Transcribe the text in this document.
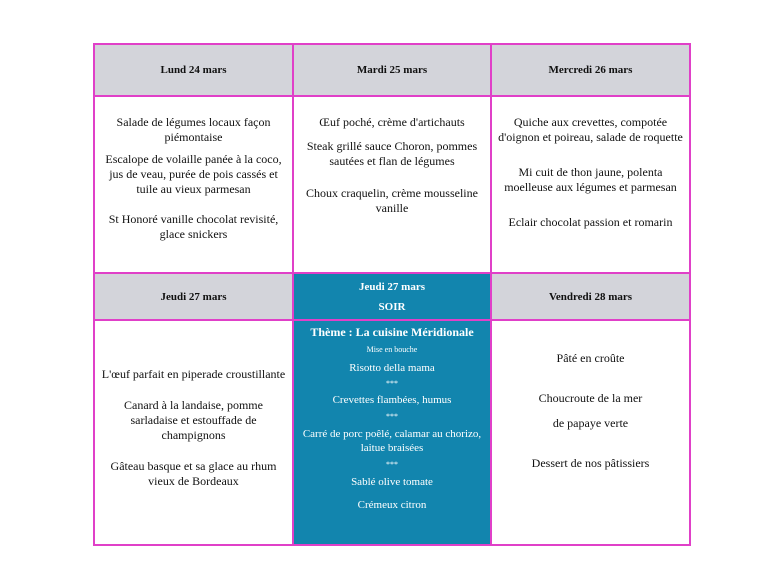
Lund 24 mars	Mardi 25 mars	Mercredi 26 mars

Salade de légumes locaux façon piémontaise

Escalope de volaille panée à la coco, jus de veau, purée de pois cassés et tuile au vieux parmesan

St Honoré vanille chocolat revisité, glace snickers

Œuf poché, crème d'artichauts

Steak grillé sauce Choron, pommes sautées et flan de légumes

Choux craquelin, crème mousseline vanille

Quiche aux crevettes, compotée d'oignon et poireau, salade de roquette

Mi cuit de thon jaune, polenta moelleuse aux légumes et parmesan

Eclair chocolat passion et romarin

Jeudi 27 mars
Jeudi 27 mars
SOIR
Vendredi 28 mars

L'œuf parfait en piperade croustillante

Canard à la landaise, pomme sarladaise et estouffade de champignons

Gâteau basque et sa glace au rhum vieux de Bordeaux

Thème : La cuisine Méridionale

Mise en bouche

Risotto della mama

***

Crevettes flambées, humus

***

Carré de porc poêlé, calamar au chorizo, laitue braisées

***

Sablé olive tomate

Crémeux citron

Pâté en croûte

Choucroute de la mer

de papaye verte

Dessert de nos pâtissiers
